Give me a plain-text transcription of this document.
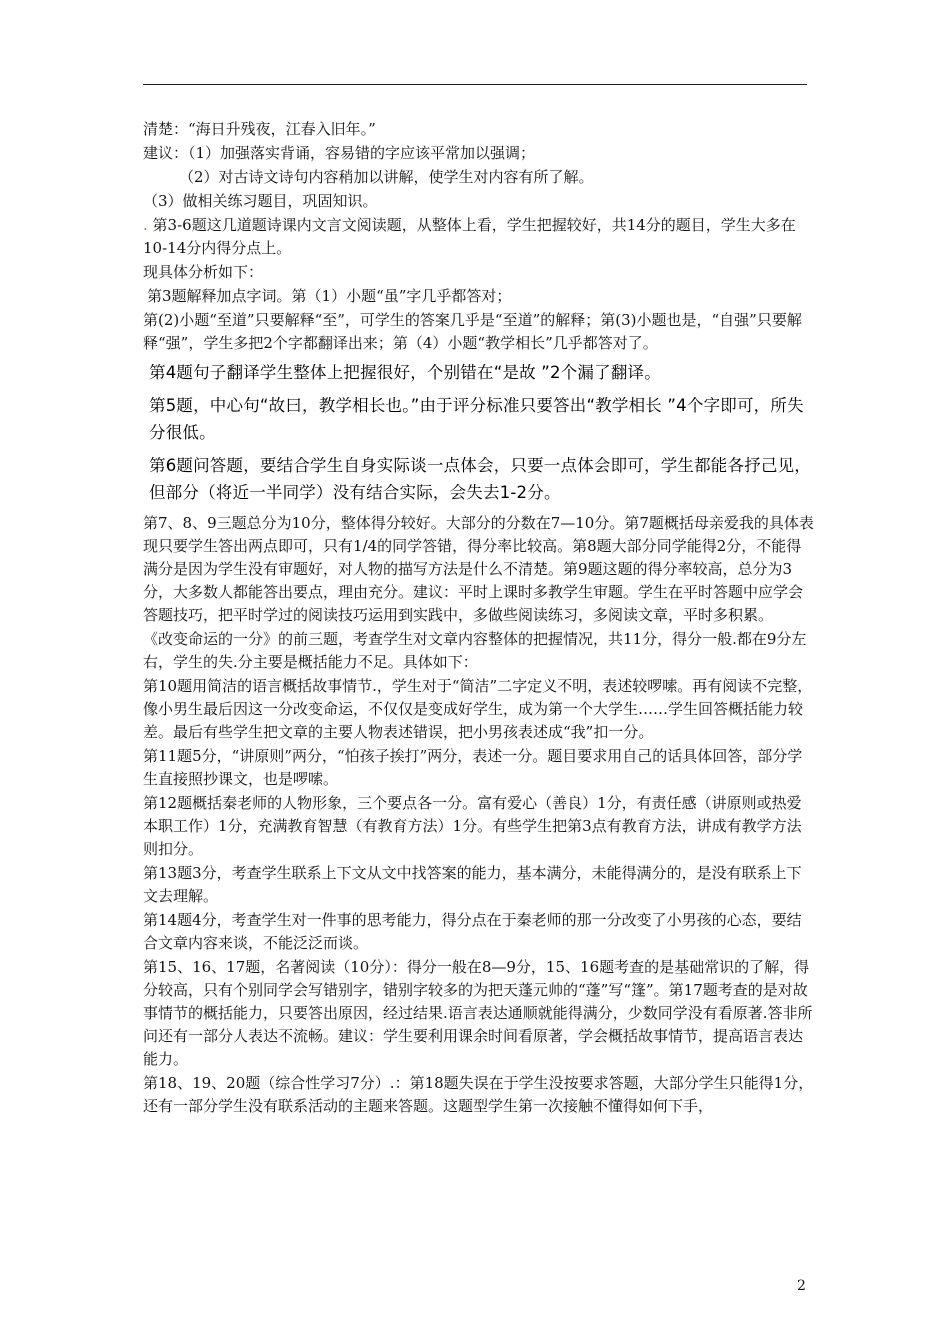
清楚：“海日升残夜，江春入旧年。”

建议：（1）加强落实背诵，容易错的字应该平常加以强调；

（2）对古诗文诗句内容稍加以讲解，使学生对内容有所了解。

（3）做相关练习题目，巩固知识。

. 第3-6题这几道题诗课内文言文阅读题，从整体上看，学生把握较好，共14分的题目，学生大多在10-14分内得分点上。

现具体分析如下：

第3题解释加点字词。第（1）小题“虽”字几乎都答对；

第(2)小题“至道”只要解释“至”，可学生的答案几乎是“至道”的解释；第(3)小题也是，“自强”只要解释“强”，学生多把2个字都翻译出来；第（4）小题“教学相长”几乎都答对了。

第4题句子翻译学生整体上把握很好，个别错在“是故 ”2个漏了翻译。

第5题，中心句“故曰，教学相长也。”由于评分标准只要答出“教学相长 ”4个字即可，所失分很低。

第6题问答题，要结合学生自身实际谈一点体会，只要一点体会即可，学生都能各抒己见，但部分（将近一半同学）没有结合实际，会失去1-2分。

第7、8、9三题总分为10分，整体得分较好。大部分的分数在7—10分。第7题概括母亲爱我的具体表现只要学生答出两点即可，只有1/4的同学答错，得分率比较高。第8题大部分同学能得2分，不能得满分是因为学生没有审题好，对人物的描写方法是什么不清楚。第9题这题的得分率较高，总分为3分，大多数人都能答出要点，理由充分。建议：平时上课时多教学生审题。学生在平时答题中应学会答题技巧，把平时学过的阅读技巧运用到实践中，多做些阅读练习，多阅读文章，平时多积累。

《改变命运的一分》的前三题，考查学生对文章内容整体的把握情况，共11分，得分一般.都在9分左右，学生的失.分主要是概括能力不足。具体如下：

第10题用简洁的语言概括故事情节.，学生对于“简洁”二字定义不明，表述较啰嗦。再有阅读不完整，像小男生最后因这一分改变命运，不仅仅是变成好学生，成为第一个大学生……学生回答概括能力较差。最后有些学生把文章的主要人物表述错误，把小男孩表述成“我”扣一分。

第11题5分，“讲原则”两分，“怕孩子挨打”两分，表述一分。题目要求用自己的话具体回答，部分学生直接照抄课文，也是啰嗦。

第12题概括秦老师的人物形象，三个要点各一分。富有爱心（善良）1分，有责任感（讲原则或热爱本职工作）1分，充满教育智慧（有教育方法）1分。有些学生把第3点有教育方法，讲成有教学方法则扣分。

第13题3分，考查学生联系上下文从文中找答案的能力，基本满分，未能得满分的，是没有联系上下文去理解。

第14题4分，考查学生对一件事的思考能力，得分点在于秦老师的那一分改变了小男孩的心态，要结合文章内容来谈，不能泛泛而谈。

第15、16、17题，名著阅读（10分）：得分一般在8—9分，15、16题考查的是基础常识的了解，得分较高，只有个别同学会写错别字，错别字较多的为把天蓬元帅的“蓬”写“篷”。第17题考查的是对故事情节的概括能力，只要答出原因，经过结果.语言表达通顺就能得满分，少数同学没有看原著.答非所问还有一部分人表达不流畅。建议：学生要利用课余时间看原著，学会概括故事情节，提高语言表达能力。

第18、19、20题（综合性学习7分）.：第18题失误在于学生没按要求答题，大部分学生只能得1分，还有一部分学生没有联系活动的主题来答题。这题型学生第一次接触不懂得如何下手，

2
